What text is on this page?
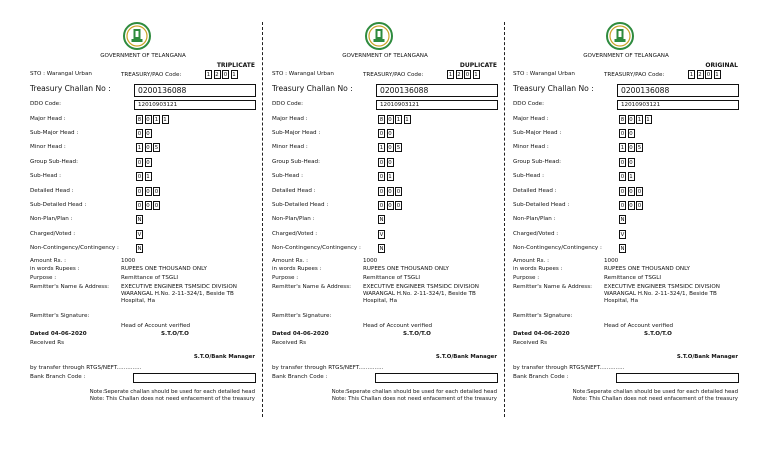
GOVERNMENT OF TELANGANA
TRIPLICATE
STO : Warangal Urban	TREASURY/PAO Code:	1 2 0 1
Treasury Challan No :	0200136088
DDO Code:	12010903121
Major Head :	8 0 1 1
Sub-Major Head :	0 0
Minor Head :	1 0 5
Group Sub-Head:	0 0
Sub-Head :	0 1
Detailed Head :	0 0 0
Sub-Detailed Head :	0 0 0
Non-Plan/Plan :	N
Charged/Voted :	V
Non-Contingency/Contingency :	N
Amount Rs. :	1000
in words Rupees :	RUPEES ONE THOUSAND ONLY
Purpose :	Remittance of TSGLI
Remitter's Name & Address: EXECUTIVE ENGINEER TSMSIDC DIVISION
WARANGAL H.No. 2-11-324/1, Beside TB
Hospital, Ha
Remitter's Signature:
Head of Account verified
Dated 04-06-2020	S.T.O/T.O
Received Rs
S.T.O/Bank Manager
by transfer through RTGS/NEFT..............
Bank Branch Code :
Note:Seperate challan should be used for each detailed head
Note: This Challan does not need enfacement of the treasury
GOVERNMENT OF TELANGANA
DUPLICATE
STO : Warangal Urban	TREASURY/PAO Code:	1 2 0 1
Treasury Challan No :	0200136088
DDO Code:	12010903121
Major Head :	8 0 1 1
Sub-Major Head :	0 0
Minor Head :	1 0 5
Group Sub-Head:	0 0
Sub-Head :	0 1
Detailed Head :	0 0 0
Sub-Detailed Head :	0 0 0
Non-Plan/Plan :	N
Charged/Voted :	V
Non-Contingency/Contingency :	N
Amount Rs. :	1000
in words Rupees :	RUPEES ONE THOUSAND ONLY
Purpose :	Remittance of TSGLI
Remitter's Name & Address: EXECUTIVE ENGINEER TSMSIDC DIVISION
WARANGAL H.No. 2-11-324/1, Beside TB
Hospital, Ha
Remitter's Signature:
Head of Account verified
Dated 04-06-2020	S.T.O/T.O
Received Rs
S.T.O/Bank Manager
by transfer through RTGS/NEFT..............
Bank Branch Code :
Note:Seperate challan should be used for each detailed head
Note: This Challan does not need enfacement of the treasury
GOVERNMENT OF TELANGANA
ORIGINAL
STO : Warangal Urban	TREASURY/PAO Code:	1 2 0 1
Treasury Challan No :	0200136088
DDO Code:	12010903121
Major Head :	8 0 1 1
Sub-Major Head :	0 0
Minor Head :	1 0 5
Group Sub-Head:	0 0
Sub-Head :	0 1
Detailed Head :	0 0 0
Sub-Detailed Head :	0 0 0
Non-Plan/Plan :	N
Charged/Voted :	V
Non-Contingency/Contingency :	N
Amount Rs. :	1000
in words Rupees :	RUPEES ONE THOUSAND ONLY
Purpose :	Remittance of TSGLI
Remitter's Name & Address: EXECUTIVE ENGINEER TSMSIDC DIVISION
WARANGAL H.No. 2-11-324/1, Beside TB
Hospital, Ha
Remitter's Signature:
Head of Account verified
Dated 04-06-2020	S.T.O/T.O
Received Rs
S.T.O/Bank Manager
by transfer through RTGS/NEFT..............
Bank Branch Code :
Note:Seperate challan should be used for each detailed head
Note: This Challan does not need enfacement of the treasury
